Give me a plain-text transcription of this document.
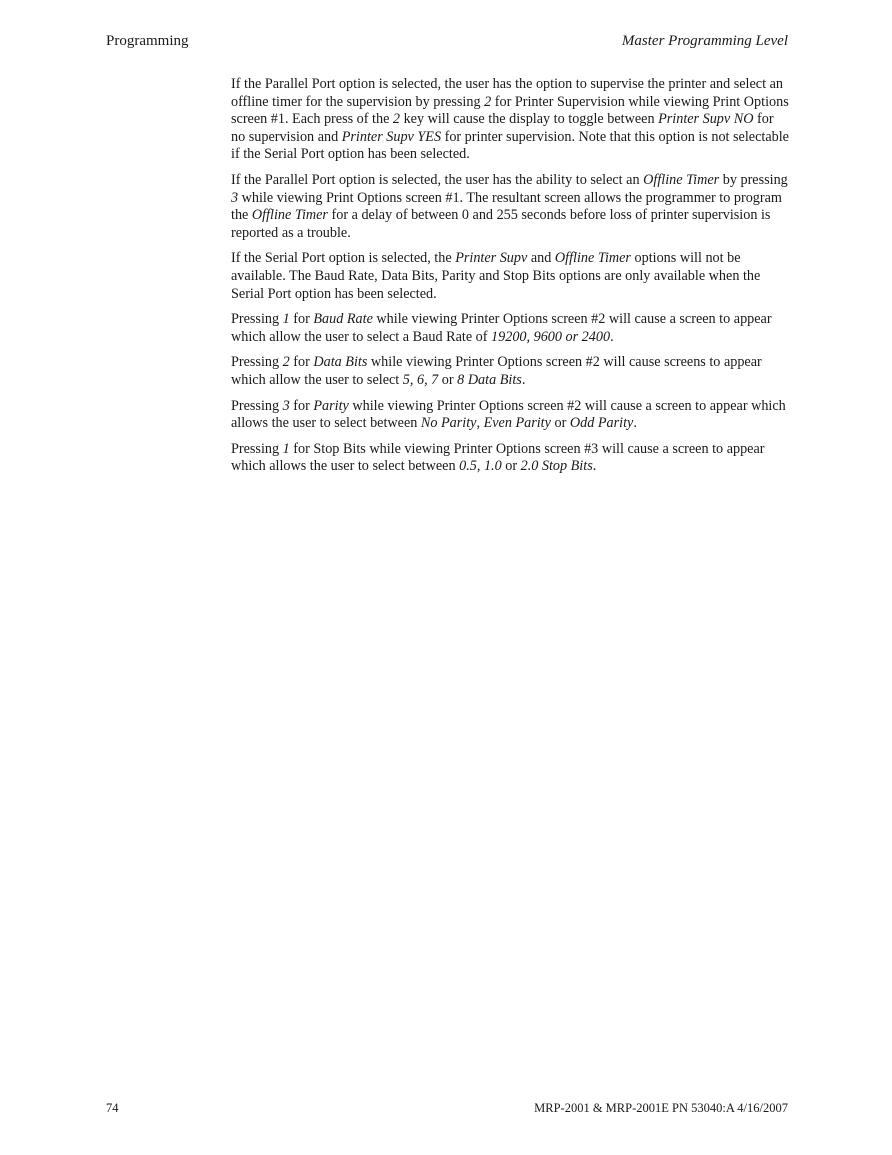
Programming	Master Programming Level

If the Parallel Port option is selected, the user has the option to supervise the printer and select an offline timer for the supervision by pressing 2 for Printer Supervision while viewing Print Options screen #1. Each press of the 2 key will cause the display to toggle between Printer Supv NO for no supervision and Printer Supv YES for printer supervision. Note that this option is not selectable if the Serial Port option has been selected.

If the Parallel Port option is selected, the user has the ability to select an Offline Timer by pressing 3 while viewing Print Options screen #1. The resultant screen allows the programmer to program the Offline Timer for a delay of between 0 and 255 seconds before loss of printer supervision is reported as a trouble.

If the Serial Port option is selected, the Printer Supv and Offline Timer options will not be available. The Baud Rate, Data Bits, Parity and Stop Bits options are only available when the Serial Port option has been selected.

Pressing 1 for Baud Rate while viewing Printer Options screen #2 will cause a screen to appear which allow the user to select a Baud Rate of 19200, 9600 or 2400.

Pressing 2 for Data Bits while viewing Printer Options screen #2 will cause screens to appear which allow the user to select 5, 6, 7 or 8 Data Bits.

Pressing 3 for Parity while viewing Printer Options screen #2 will cause a screen to appear which allows the user to select between No Parity, Even Parity or Odd Parity.

Pressing 1 for Stop Bits while viewing Printer Options screen #3 will cause a screen to appear which allows the user to select between 0.5, 1.0 or 2.0 Stop Bits.

74	MRP-2001 & MRP-2001E PN 53040:A 4/16/2007
